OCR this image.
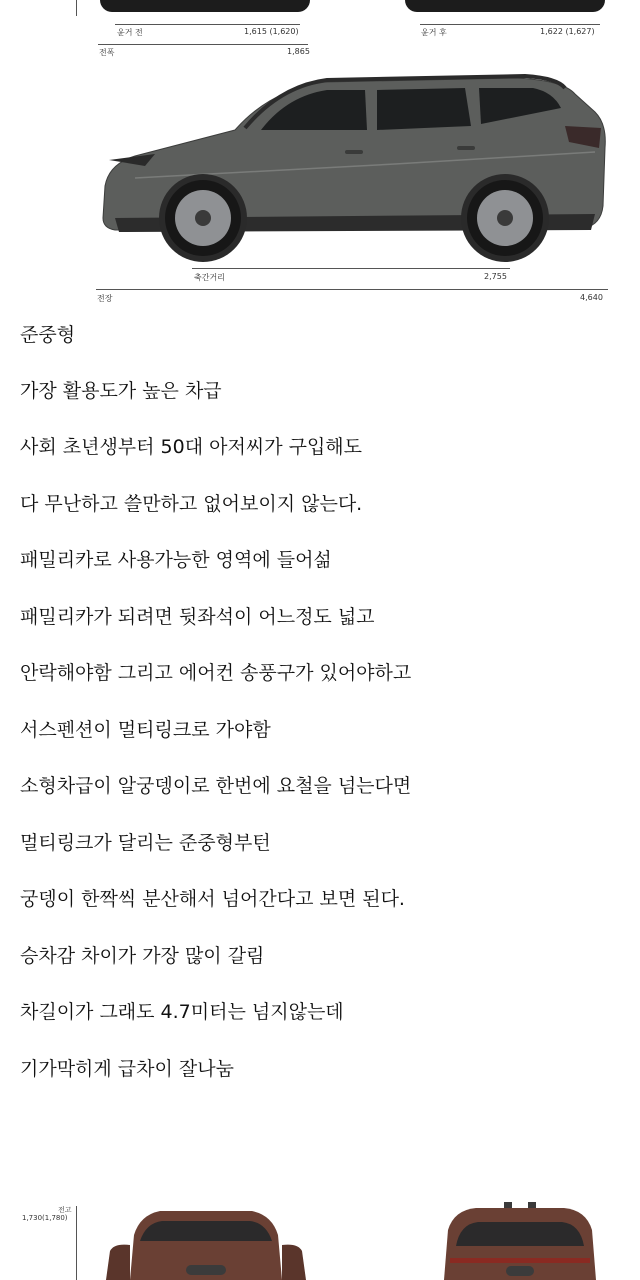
윤거 전	1,615 (1,620)	윤거 후	1,622 (1,627)
전폭	1,865
축간거리	2,755
전장	4,640
준중형
가장 활용도가 높은 차급
사회 초년생부터 50대 아저씨가 구입해도
다 무난하고 쓸만하고 없어보이지 않는다.
패밀리카로 사용가능한 영역에 들어섦
패밀리카가 되려면 뒷좌석이 어느정도 넓고
안락해야함 그리고 에어컨 송풍구가 있어야하고
서스펜션이 멀티링크로 가야함
소형차급이 알궁뎅이로 한번에 요철을 넘는다면
멀티링크가 달리는 준중형부턴
궁뎅이 한짝씩 분산해서 넘어간다고 보면 된다.
승차감 차이가 가장 많이 갈림
차길이가 그래도 4.7미터는 넘지않는데
기가막히게 급차이 잘나눔
전고
1,730(1,780)
